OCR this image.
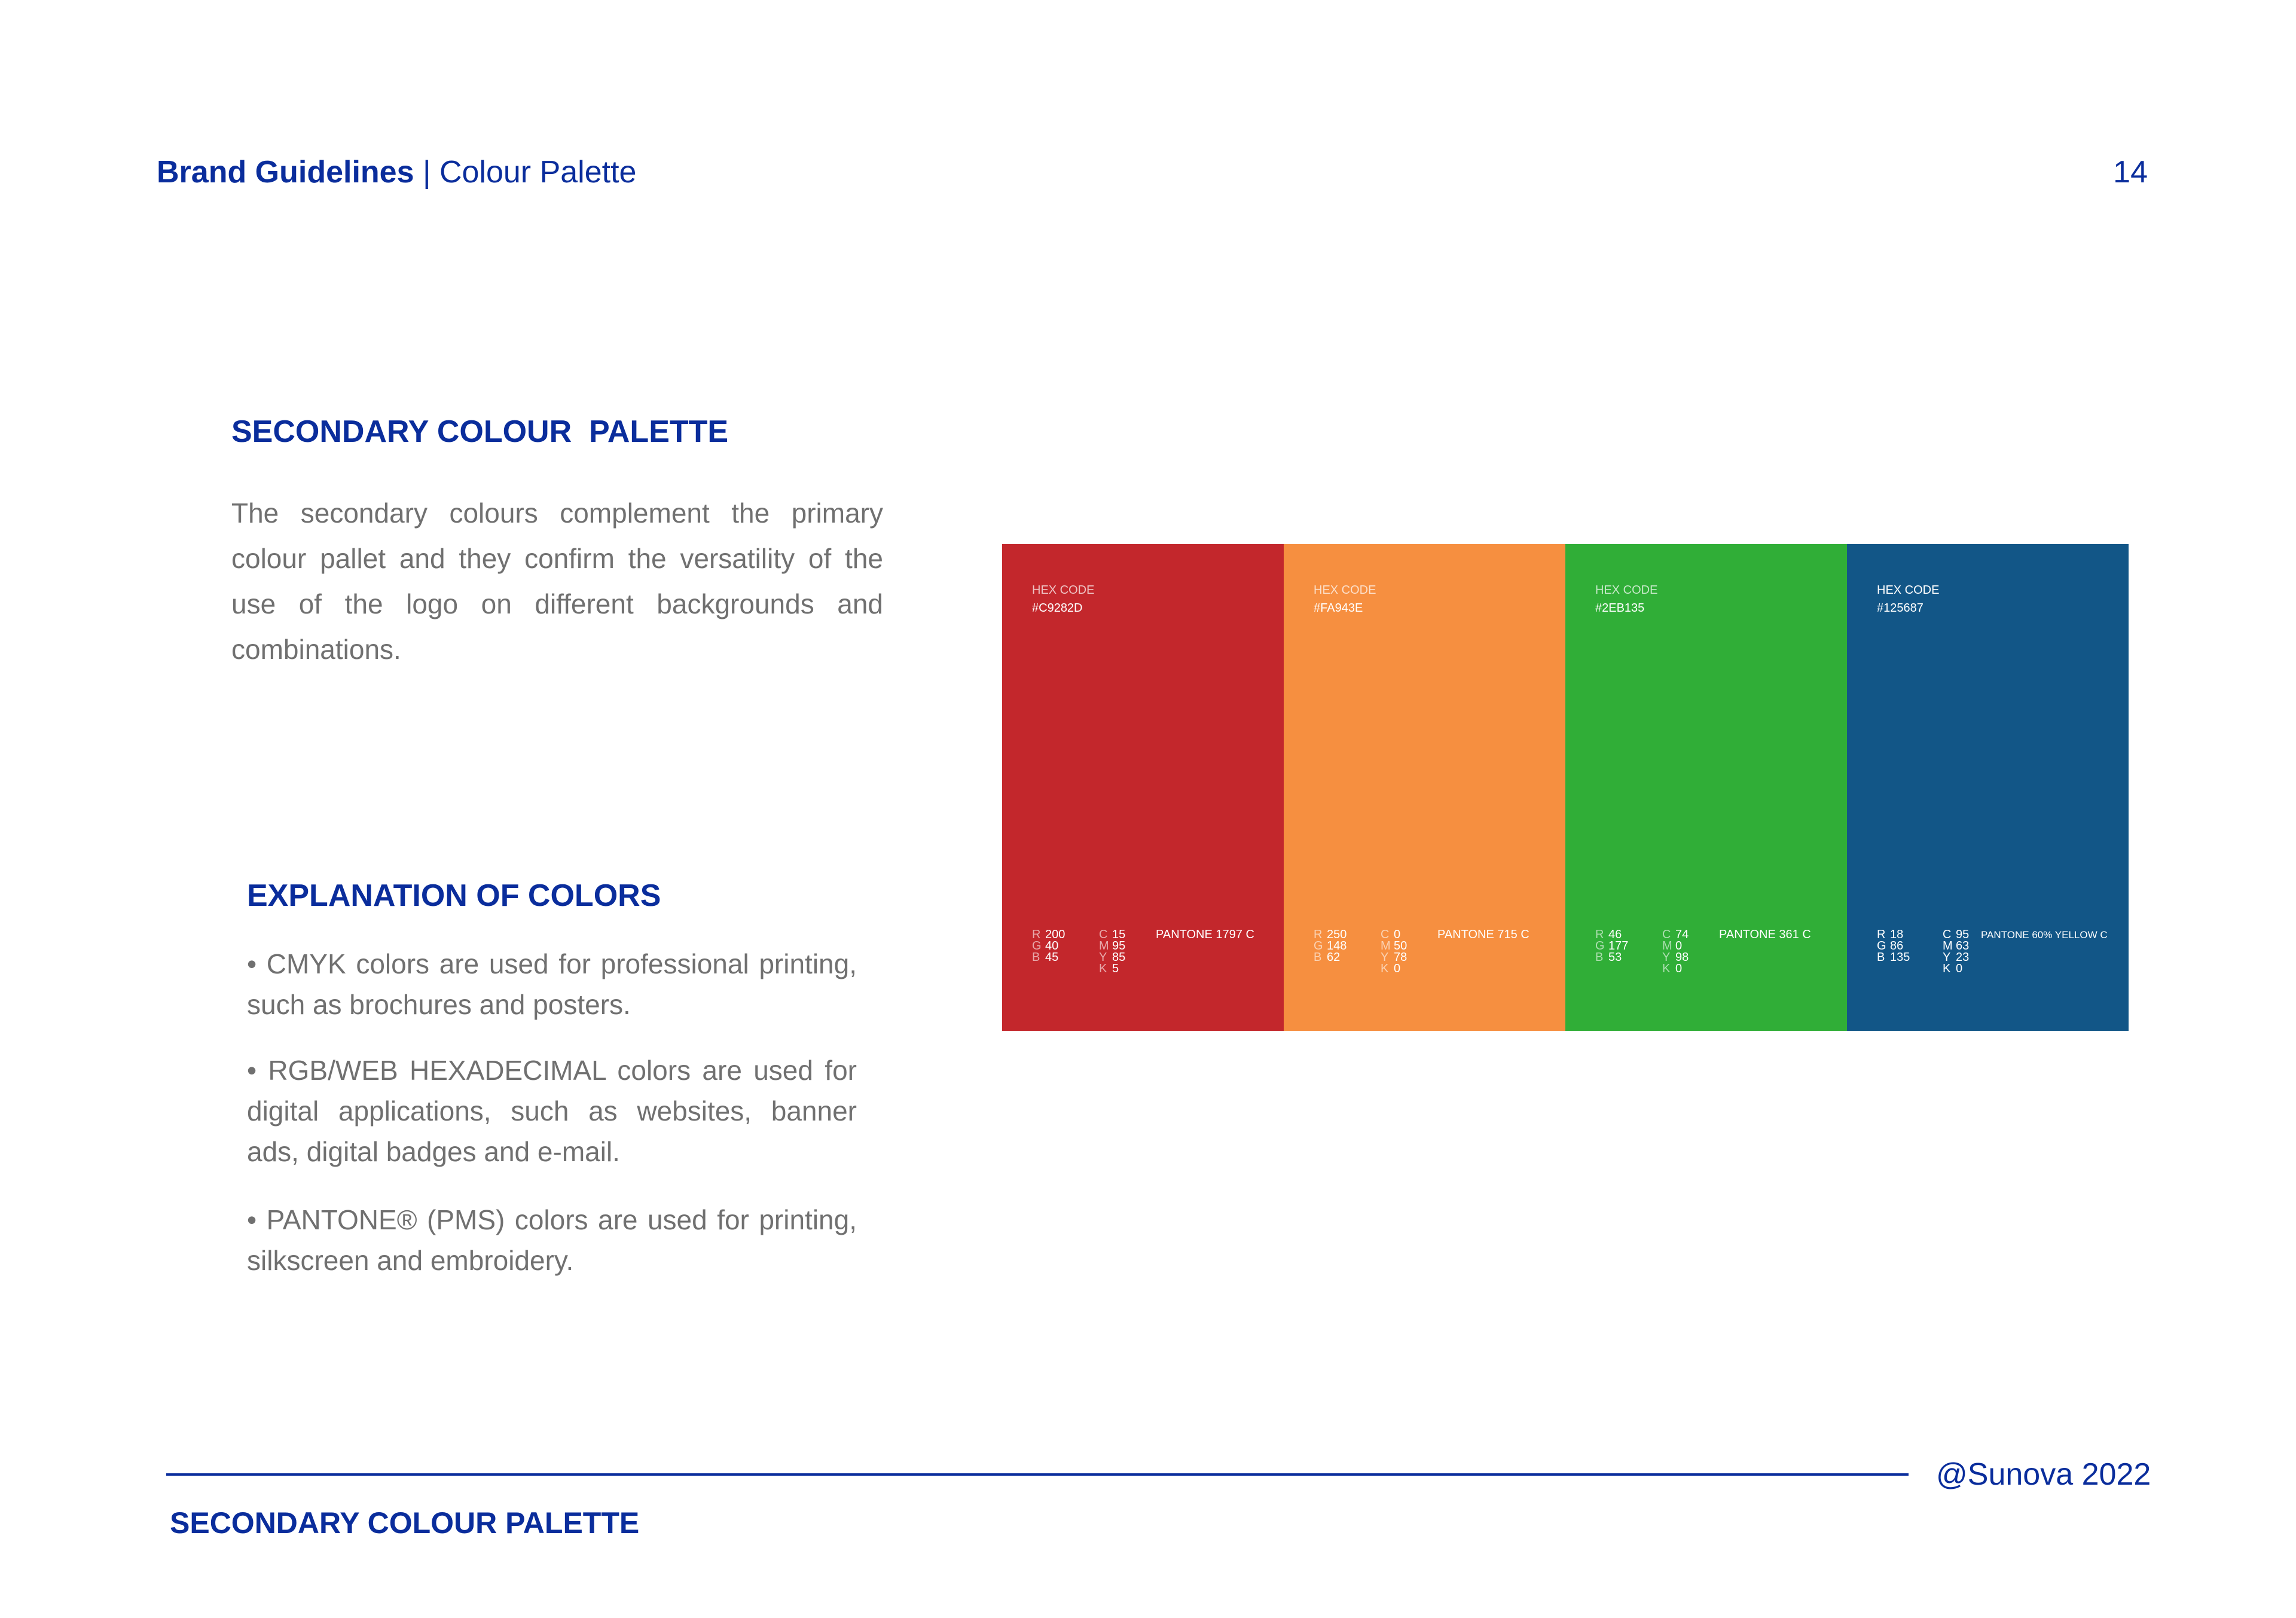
Brand Guidelines | Colour Palette	14
SECONDARY COLOUR  PALETTE
The secondary colours complement the primary colour pallet and they confirm the versatility of the use of the logo on different backgrounds and combinations.
EXPLANATION OF COLORS
• CMYK colors are used for professional printing, such as brochures and posters.
• RGB/WEB HEXADECIMAL colors are used for digital applications, such as websites, banner ads, digital badges and e-mail.
• PANTONE® (PMS) colors are used for printing, silkscreen and embroidery.
HEX CODE
#C9282D
R 200
G 40
B 45
C 15
M 95
Y 85
K 5
PANTONE 1797 C
HEX CODE
#FA943E
R 250
G 148
B 62
C 0
M 50
Y 78
K 0
PANTONE 715 C
HEX CODE
#2EB135
R 46
G 177
B 53
C 74
M 0
Y 98
K 0
PANTONE 361 C
HEX CODE
#125687
R 18
G 86
B 135
C 95
M 63
Y 23
K 0
PANTONE 60% YELLOW C
@Sunova 2022
SECONDARY COLOUR PALETTE
